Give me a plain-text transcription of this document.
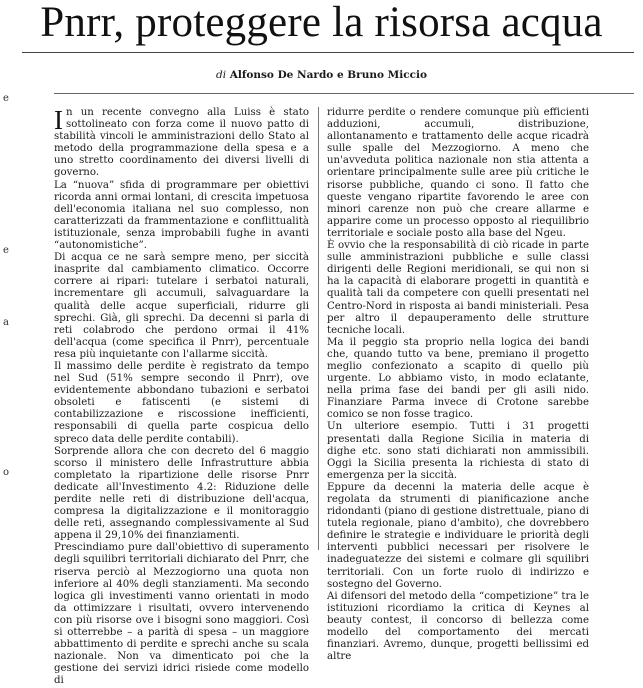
e
e
a
o
Pnrr, proteggere la risorsa acqua
di Alfonso De Nardo e Bruno Miccio

In un recente convegno alla Luiss è stato sottolineato con forza come il nuovo patto di stabilità vincoli le amministrazioni dello Stato al metodo della programmazione della spesa e a uno stretto coordinamento dei diversi livelli di governo.

La “nuova” sfida di programmare per obiettivi ricorda anni ormai lontani, di crescita impetuosa dell'economia italiana nel suo complesso, non caratterizzati da frammentazione e conflittualità istituzionale, senza improbabili fughe in avanti “autonomistiche”.

Di acqua ce ne sarà sempre meno, per siccità inasprite dal cambiamento climatico. Occorre correre ai ripari: tutelare i serbatoi naturali, incrementare gli accumuli, salvaguardare la qualità delle acque superficiali, ridurre gli sprechi. Già, gli sprechi. Da decenni si parla di reti colabrodo che perdono ormai il 41% dell'acqua (come specifica il Pnrr), percentuale resa più inquietante con l'allarme siccità.

Il massimo delle perdite è registrato da tempo nel Sud (51% sempre secondo il Pnrr), ove evidentemente abbondano tubazioni e serbatoi obsoleti e fatiscenti (e sistemi di contabilizzazione e riscossione inefficienti, responsabili di quella parte cospicua dello spreco data delle perdite contabili).

Sorprende allora che con decreto del 6 maggio scorso il ministero delle Infrastrutture abbia completato la ripartizione delle risorse Pnrr dedicate all'Investimento 4.2: Riduzione delle perdite nelle reti di distribuzione dell'acqua, compresa la digitalizzazione e il monitoraggio delle reti, assegnando complessivamente al Sud appena il 29,10% dei finanziamenti.

Prescindiamo pure dall'obiettivo di superamento degli squilibri territoriali dichiarato del Pnrr, che riserva perciò al Mezzogiorno una quota non inferiore al 40% degli stanziamenti. Ma secondo logica gli investimenti vanno orientati in modo da ottimizzare i risultati, ovvero intervenendo con più risorse ove i bisogni sono maggiori. Così si otterrebbe – a parità di spesa – un maggiore abbattimento di perdite e sprechi anche su scala nazionale. Non va dimenticato poi che la gestione dei servizi idrici risiede come modello di

ridurre perdite o rendere comunque più efficienti adduzioni, accumuli, distribuzione, allontanamento e trattamento delle acque ricadrà sulle spalle del Mezzogiorno. A meno che un'avveduta politica nazionale non stia attenta a orientare principalmente sulle aree più critiche le risorse pubbliche, quando ci sono. Il fatto che queste vengano ripartite favorendo le aree con minori carenze non può che creare allarme e apparire come un processo opposto al riequilibrio territoriale e sociale posto alla base del Ngeu.

È ovvio che la responsabilità di ciò ricade in parte sulle amministrazioni pubbliche e sulle classi dirigenti delle Regioni meridionali, se qui non si ha la capacità di elaborare progetti in quantità e qualità tali da competere con quelli presentati nel Centro-Nord in risposta ai bandi ministeriali. Pesa per altro il depauperamento delle strutture tecniche locali.

Ma il peggio sta proprio nella logica dei bandi che, quando tutto va bene, premiano il progetto meglio confezionato a scapito di quello più urgente. Lo abbiamo visto, in modo eclatante, nella prima fase dei bandi per gli asili nido. Finanziare Parma invece di Crotone sarebbe comico se non fosse tragico.

Un ulteriore esempio. Tutti i 31 progetti presentati dalla Regione Sicilia in materia di dighe etc. sono stati dichiarati non ammissibili. Oggi la Sicilia presenta la richiesta di stato di emergenza per la siccità.

Eppure da decenni la materia delle acque è regolata da strumenti di pianificazione anche ridondanti (piano di gestione distrettuale, piano di tutela regionale, piano d'ambito), che dovrebbero definire le strategie e individuare le priorità degli interventi pubblici necessari per risolvere le inadeguatezze dei sistemi e colmare gli squilibri territoriali. Con un forte ruolo di indirizzo e sostegno del Governo.

Ai difensori del metodo della “competizione” tra le istituzioni ricordiamo la critica di Keynes al beauty contest, il concorso di bellezza come modello del comportamento dei mercati finanziari. Avremo, dunque, progetti bellissimi ed altre
